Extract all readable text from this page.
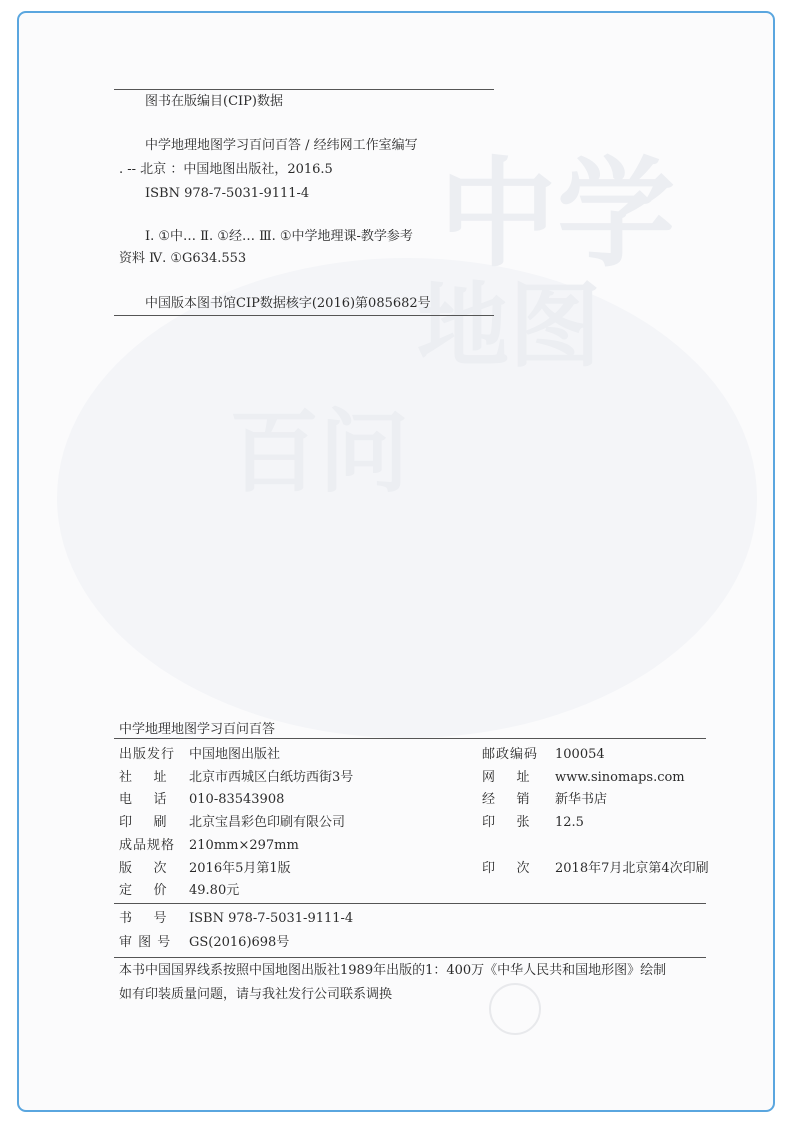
中学
地图
百问
图书在版编目(CIP)数据
中学地理地图学习百问百答 / 经纬网工作室编写
. -- 北京 ：中国地图出版社，2016.5
ISBN 978-7-5031-9111-4
Ⅰ. ①中… Ⅱ. ①经… Ⅲ. ①中学地理课-教学参考
资料 Ⅳ. ①G634.553
中国版本图书馆CIP数据核字(2016)第085682号
中学地理地图学习百问百答
出版发行 中国地图出版社	邮政编码 100054
社    址 北京市西城区白纸坊西街3号	网    址 www.sinomaps.com
电    话 010-83543908	经    销 新华书店
印    刷 北京宝昌彩色印刷有限公司	印    张 12.5
成品规格 210mm×297mm
版    次 2016年5月第1版	印    次 2018年7月北京第4次印刷
定    价 49.80元
书    号 ISBN 978-7-5031-9111-4
审 图 号 GS(2016)698号
本书中国国界线系按照中国地图出版社1989年出版的1：400万《中华人民共和国地形图》绘制
如有印装质量问题，请与我社发行公司联系调换
